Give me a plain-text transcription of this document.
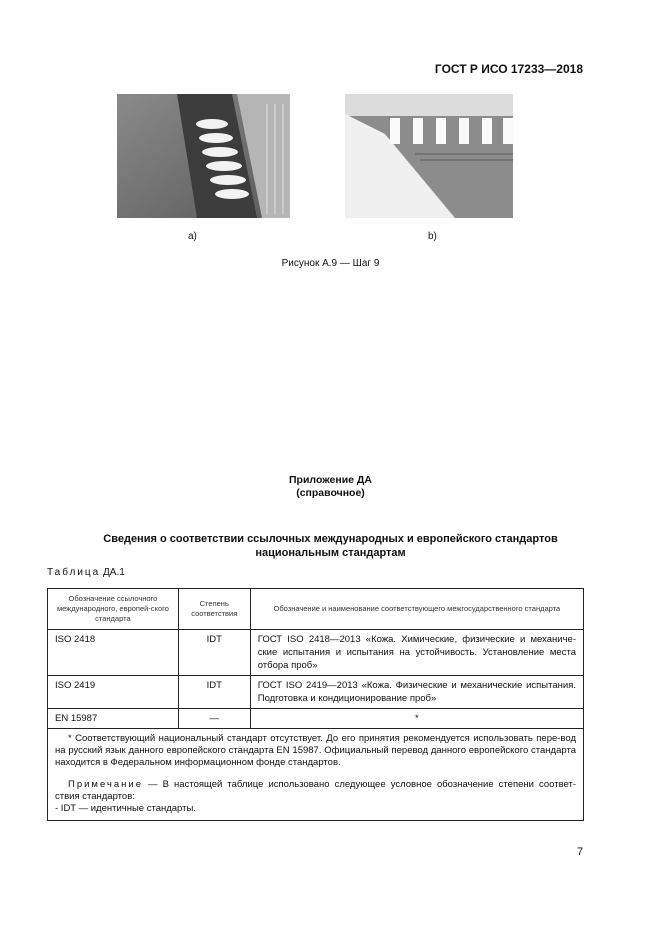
ГОСТ Р ИСО 17233—2018
а)	b)
Рисунок А.9 — Шаг 9
Приложение ДА
(справочное)
Сведения о соответствии ссылочных международных и европейского стандартов
национальным стандартам
Таблица ДА.1
Обозначение ссылочного международного, европей-ского стандарта	Степень соответствия	Обозначение и наименование соответствующего межгосударственного стандарта
ISO 2418	IDT	ГОСТ ISO 2418—2013 «Кожа. Химические, физические и механиче-ские испытания и испытания на устойчивость. Установление места отбора проб»
ISO 2419	IDT	ГОСТ ISO 2419—2013 «Кожа. Физические и механические испытания. Подготовка и кондиционирование проб»
EN 15987	—	*

* Соответствующий национальный стандарт отсутствует. До его принятия рекомендуется использовать пере-вод на русский язык данного европейского стандарта EN 15987. Официальный перевод данного европейского стандарта находится в Федеральном информационном фонде стандартов.

Примечание — В настоящей таблице использовано следующее условное обозначение степени соответ-ствия стандартов:

- IDT — идентичные стандарты.		

7
